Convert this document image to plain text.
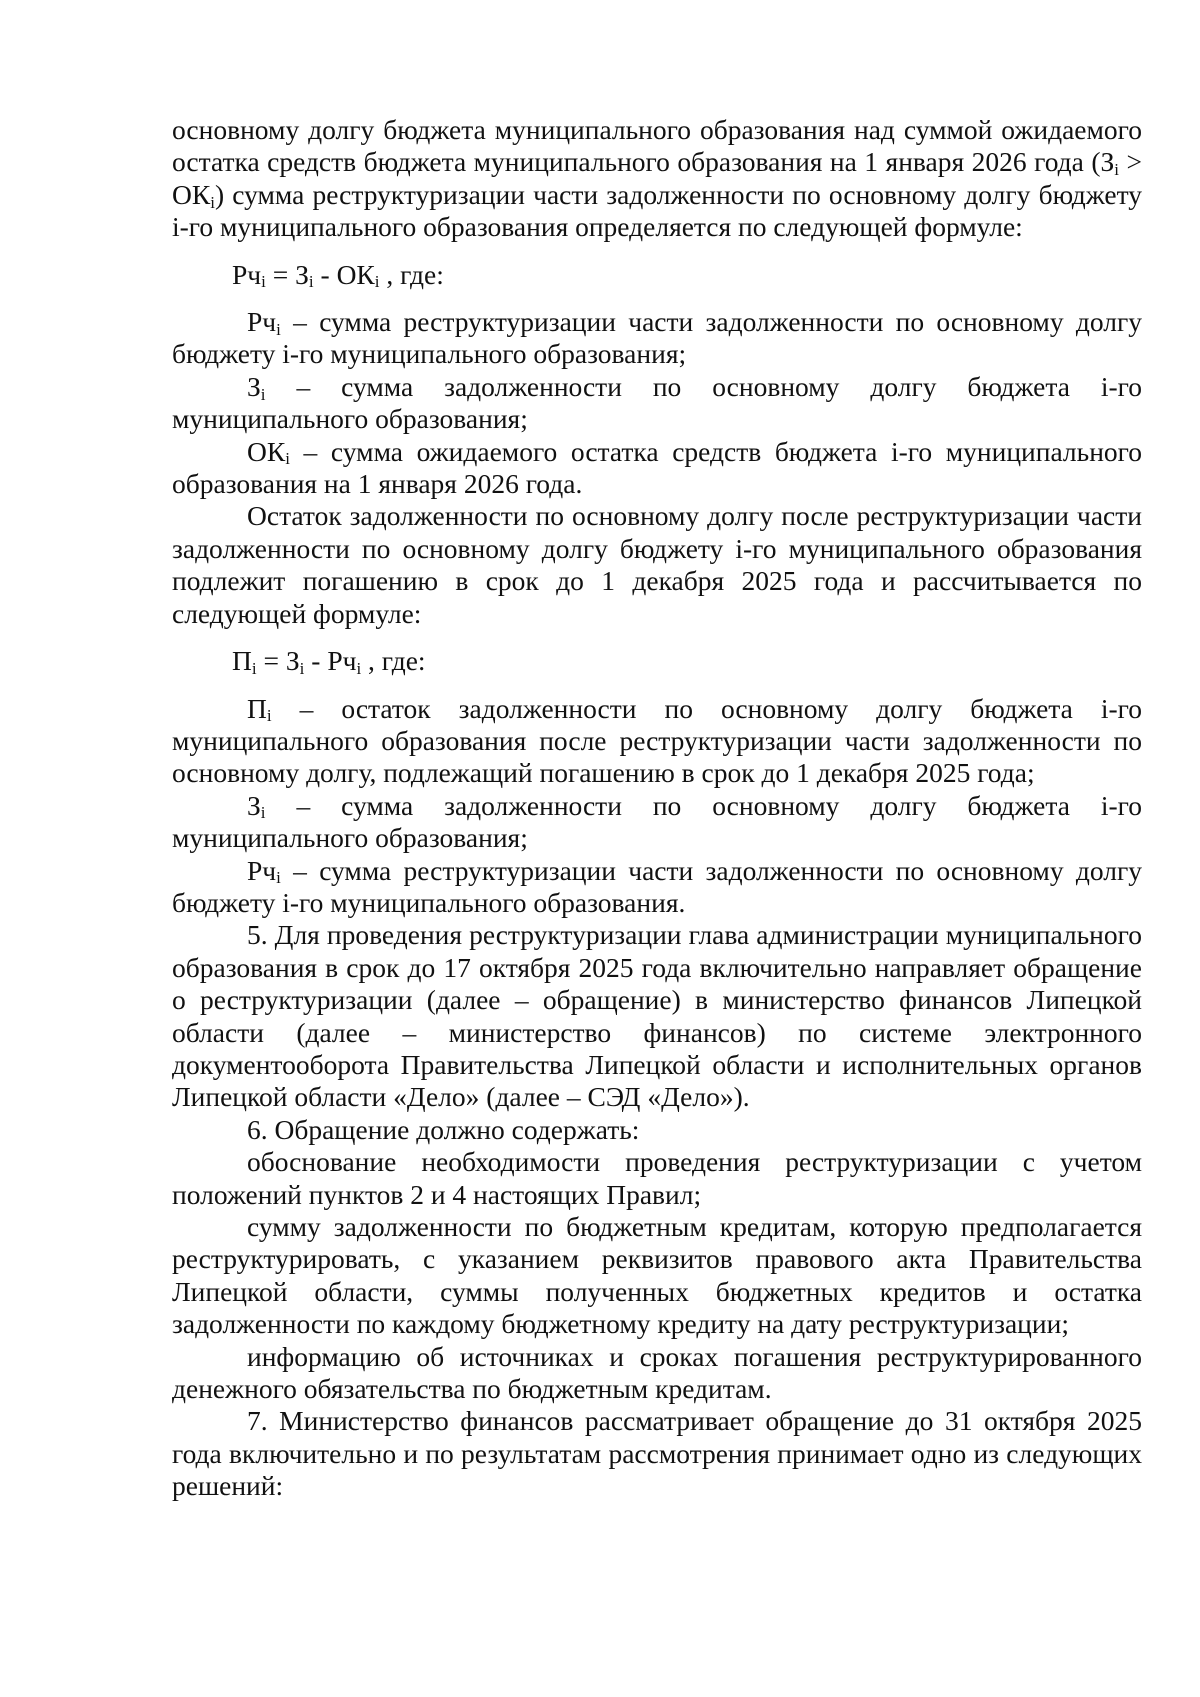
основному долгу бюджета муниципального образования над суммой ожидаемого остатка средств бюджета муниципального образования на 1 января 2026 года $(З_i > ОК_i)$ сумма реструктуризации части задолженности по основному долгу бюджету i-го муниципального образования определяется по следующей формуле:

$Рч_i = З_i - ОК_i$ , где:

$Рч_i$ – сумма реструктуризации части задолженности по основному долгу бюджету i-го муниципального образования;

$З_i$ – сумма задолженности по основному долгу бюджета i-го муниципального образования;

$ОК_i$ – сумма ожидаемого остатка средств бюджета i-го муниципального образования на 1 января 2026 года.

Остаток задолженности по основному долгу после реструктуризации части задолженности по основному долгу бюджету i-го муниципального образования подлежит погашению в срок до 1 декабря 2025 года и рассчитывается по следующей формуле:

$П_i = З_i - Рч_i$ , где:

$П_i$ – остаток задолженности по основному долгу бюджета i-го муниципального образования после реструктуризации части задолженности по основному долгу, подлежащий погашению в срок до 1 декабря 2025 года;

$З_i$ – сумма задолженности по основному долгу бюджета i-го муниципального образования;

$Рч_i$ – сумма реструктуризации части задолженности по основному долгу бюджету i-го муниципального образования.

5. Для проведения реструктуризации глава администрации муниципального образования в срок до 17 октября 2025 года включительно направляет обращение о реструктуризации (далее – обращение) в министерство финансов Липецкой области (далее – министерство финансов) по системе электронного документооборота Правительства Липецкой области и исполнительных органов Липецкой области «Дело» (далее – СЭД «Дело»).

6. Обращение должно содержать:

обоснование необходимости проведения реструктуризации с учетом положений пунктов 2 и 4 настоящих Правил;

сумму задолженности по бюджетным кредитам, которую предполагается реструктурировать, с указанием реквизитов правового акта Правительства Липецкой области, суммы полученных бюджетных кредитов и остатка задолженности по каждому бюджетному кредиту на дату реструктуризации;

информацию об источниках и сроках погашения реструктурированного денежного обязательства по бюджетным кредитам.

7. Министерство финансов рассматривает обращение до 31 октября 2025 года включительно и по результатам рассмотрения принимает одно из следующих решений:
